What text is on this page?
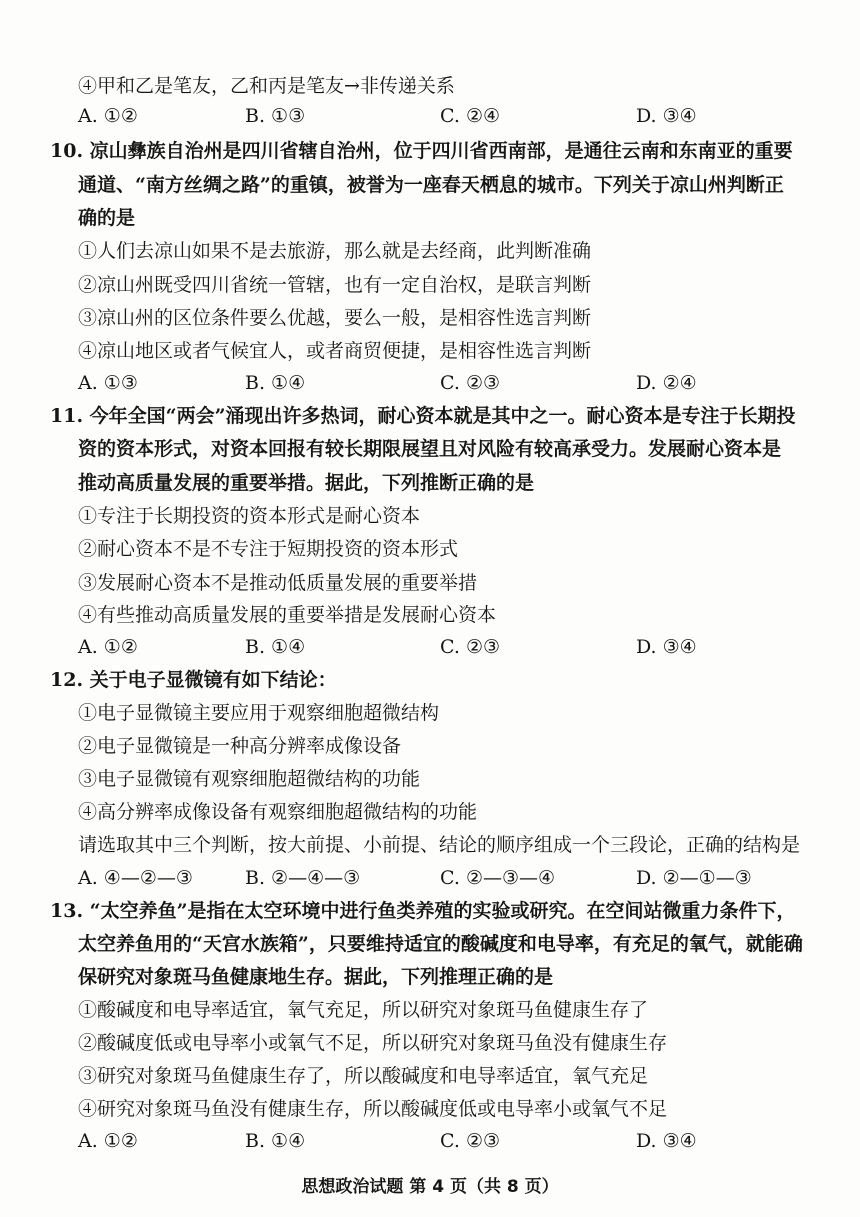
④甲和乙是笔友，乙和丙是笔友→非传递关系
A. ①②	B. ①③	C. ②④	D. ③④
10. 凉山彝族自治州是四川省辖自治州，位于四川省西南部，是通往云南和东南亚的重要
通道、“南方丝绸之路”的重镇，被誉为一座春天栖息的城市。下列关于凉山州判断正
确的是
①人们去凉山如果不是去旅游，那么就是去经商，此判断准确
②凉山州既受四川省统一管辖，也有一定自治权，是联言判断
③凉山州的区位条件要么优越，要么一般，是相容性选言判断
④凉山地区或者气候宜人，或者商贸便捷，是相容性选言判断
A. ①③	B. ①④	C. ②③	D. ②④
11. 今年全国“两会”涌现出许多热词，耐心资本就是其中之一。耐心资本是专注于长期投
资的资本形式，对资本回报有较长期限展望且对风险有较高承受力。发展耐心资本是
推动高质量发展的重要举措。据此，下列推断正确的是
①专注于长期投资的资本形式是耐心资本
②耐心资本不是不专注于短期投资的资本形式
③发展耐心资本不是推动低质量发展的重要举措
④有些推动高质量发展的重要举措是发展耐心资本
A. ①②	B. ①④	C. ②③	D. ③④
12. 关于电子显微镜有如下结论：
①电子显微镜主要应用于观察细胞超微结构
②电子显微镜是一种高分辨率成像设备
③电子显微镜有观察细胞超微结构的功能
④高分辨率成像设备有观察细胞超微结构的功能
请选取其中三个判断，按大前提、小前提、结论的顺序组成一个三段论，正确的结构是
A. ④—②—③	B. ②—④—③	C. ②—③—④	D. ②—①—③
13. “太空养鱼”是指在太空环境中进行鱼类养殖的实验或研究。在空间站微重力条件下，
太空养鱼用的“天宫水族箱”，只要维持适宜的酸碱度和电导率，有充足的氧气，就能确
保研究对象斑马鱼健康地生存。据此，下列推理正确的是
①酸碱度和电导率适宜，氧气充足，所以研究对象斑马鱼健康生存了
②酸碱度低或电导率小或氧气不足，所以研究对象斑马鱼没有健康生存
③研究对象斑马鱼健康生存了，所以酸碱度和电导率适宜，氧气充足
④研究对象斑马鱼没有健康生存，所以酸碱度低或电导率小或氧气不足
A. ①②	B. ①④	C. ②③	D. ③④
思想政治试题 第 4 页（共 8 页）
